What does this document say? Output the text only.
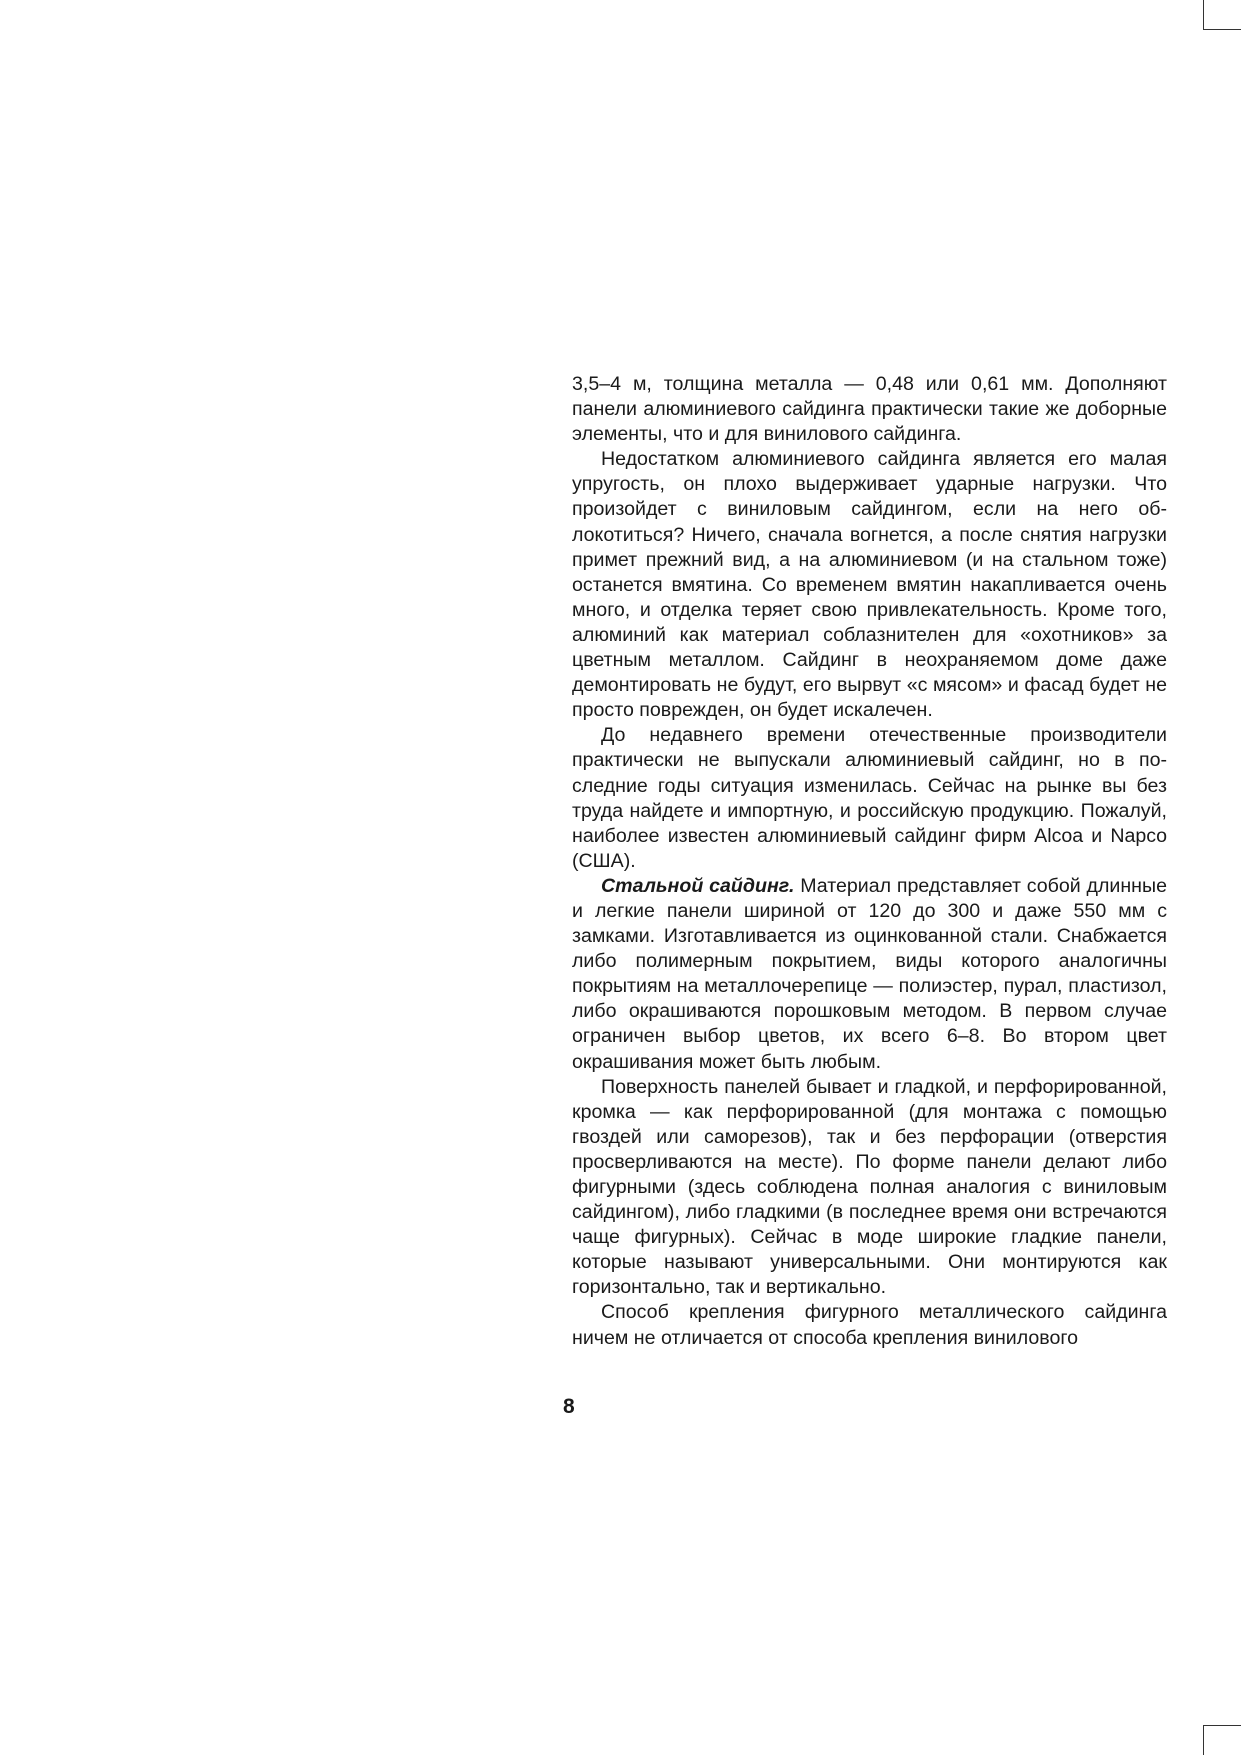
3,5–4 м, толщина металла — 0,48 или 0,61 мм. Дополняют панели алюминиевого сайдинга практически такие же доборные элементы, что и для винилового сайдинга.

Недостатком алюминиевого сайдинга является его малая упругость, он плохо выдерживает ударные нагрузки. Что произойдет с виниловым сайдингом, если на него облокотиться? Ничего, сначала вогнется, а после снятия нагрузки примет прежний вид, а на алюминиевом (и на стальном тоже) останется вмятина. Со временем вмятин накапливается очень много, и отделка теряет свою привлекательность. Кроме того, алюминий как материал соблазнителен для «охотников» за цветным металлом. Сайдинг в неохраняемом доме даже демонтировать не будут, его вырвут «с мясом» и фасад будет не просто поврежден, он будет искалечен.

До недавнего времени отечественные производители практически не выпускали алюминиевый сайдинг, но в последние годы ситуация изменилась. Сейчас на рынке вы без труда найдете и импортную, и российскую продукцию. Пожалуй, наиболее известен алюминиевый сайдинг фирм Alcoa и Napco (США).

Стальной сайдинг. Материал представляет собой длинные и легкие панели шириной от 120 до 300 и даже 550 мм с замками. Изготавливается из оцинкованной стали. Снабжается либо полимерным покрытием, виды которого аналогичны покрытиям на металлочерепице — полиэстер, пурал, пластизол, либо окрашиваются порошковым методом. В первом случае ограничен выбор цветов, их всего 6–8. Во втором цвет окрашивания может быть любым.

Поверхность панелей бывает и гладкой, и перфорированной, кромка — как перфорированной (для монтажа с помощью гвоздей или саморезов), так и без перфорации (отверстия просверливаются на месте). По форме панели делают либо фигурными (здесь соблюдена полная аналогия с виниловым сайдингом), либо гладкими (в последнее время они встречаются чаще фигурных). Сейчас в моде широкие гладкие панели, которые называют универсальными. Они монтируются как горизонтально, так и вертикально.

Способ крепления фигурного металлического сайдинга ничем не отличается от способа крепления винилового

8
